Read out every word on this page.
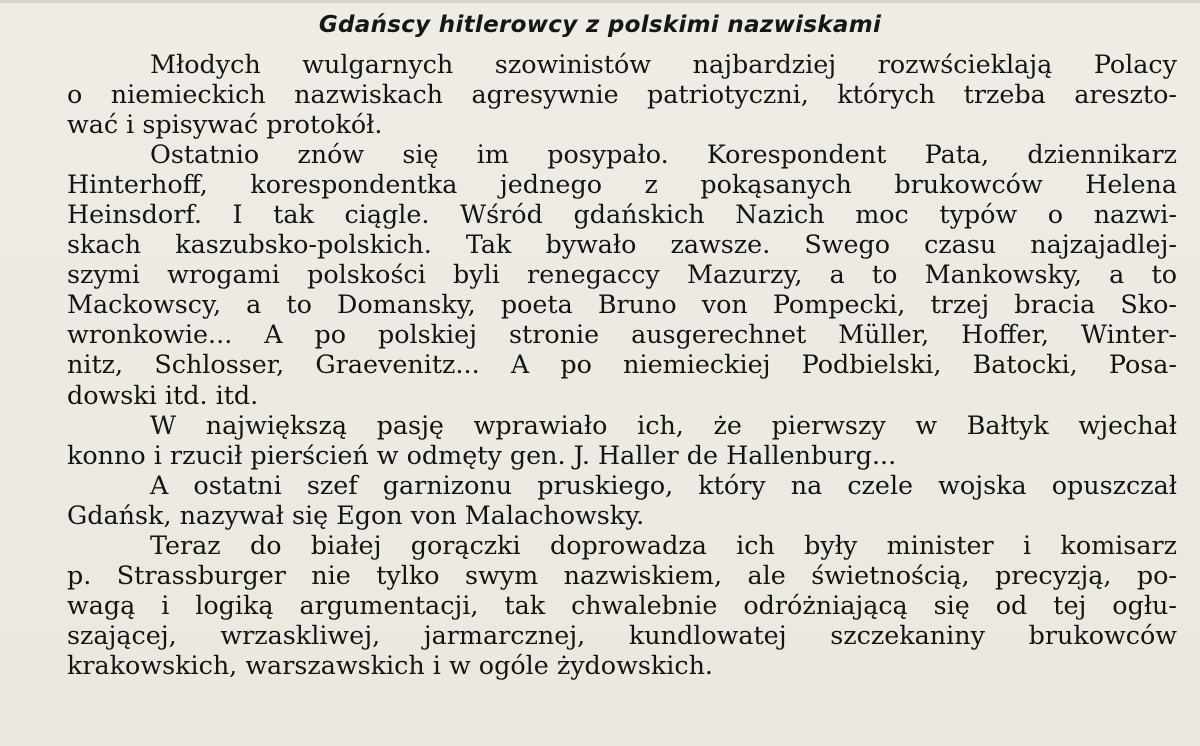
Gdańscy hitlerowcy z polskimi nazwiskami
Młodych wulgarnych szowinistów najbardziej rozwścieklają Polacy
o niemieckich nazwiskach agresywnie patriotyczni, których trzeba areszto-
wać i spisywać protokół.
Ostatnio znów się im posypało. Korespondent Pata, dziennikarz
Hinterhoff, korespondentka jednego z pokąsanych brukowców Helena
Heinsdorf. I tak ciągle. Wśród gdańskich Nazich moc typów o nazwi-
skach kaszubsko-polskich. Tak bywało zawsze. Swego czasu najzajadlej-
szymi wrogami polskości byli renegaccy Mazurzy, a to Mankowsky, a to
Mackowscy, a to Domansky, poeta Bruno von Pompecki, trzej bracia Sko-
wronkowie... A po polskiej stronie ausgerechnet Müller, Hoffer, Winter-
nitz, Schlosser, Graevenitz... A po niemieckiej Podbielski, Batocki, Posa-
dowski itd. itd.
W największą pasję wprawiało ich, że pierwszy w Bałtyk wjechał
konno i rzucił pierścień w odmęty gen. J. Haller de Hallenburg...
A ostatni szef garnizonu pruskiego, który na czele wojska opuszczał
Gdańsk, nazywał się Egon von Malachowsky.
Teraz do białej gorączki doprowadza ich były minister i komisarz
p. Strassburger nie tylko swym nazwiskiem, ale świetnością, precyzją, po-
wagą i logiką argumentacji, tak chwalebnie odróżniającą się od tej ogłu-
szającej, wrzaskliwej, jarmarcznej, kundlowatej szczekaniny brukowców
krakowskich, warszawskich i w ogóle żydowskich.
